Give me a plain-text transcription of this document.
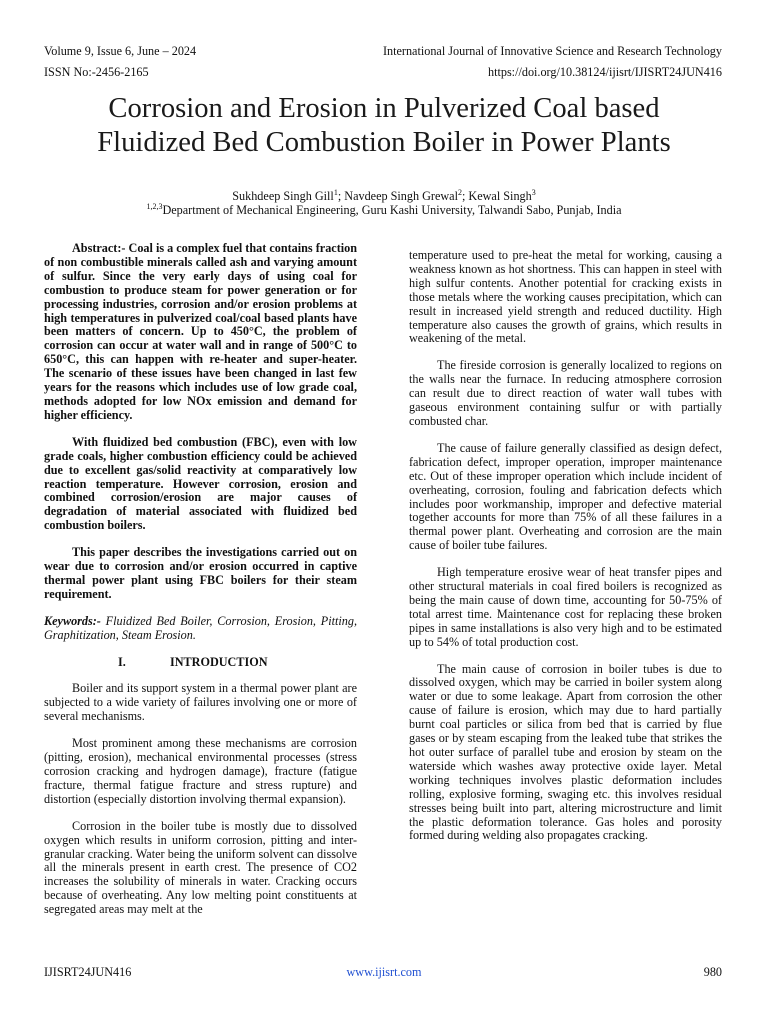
Volume 9, Issue 6, June – 2024	International Journal of Innovative Science and Research Technology
ISSN No:-2456-2165	https://doi.org/10.38124/ijisrt/IJISRT24JUN416
Corrosion and Erosion in Pulverized Coal based
Fluidized Bed Combustion Boiler in Power Plants
Sukhdeep Singh Gill$^1$; Navdeep Singh Grewal$^2$; Kewal Singh$^3$
$^{1,2,3}$Department of Mechanical Engineering, Guru Kashi University, Talwandi Sabo, Punjab, India

Abstract:- Coal is a complex fuel that contains fraction of non combustible minerals called ash and varying amount of sulfur. Since the very early days of using coal for combustion to produce steam for power generation or for processing industries, corrosion and/or erosion problems at high temperatures in pulverized coal/coal based plants have been matters of concern. Up to 450°C, the problem of corrosion can occur at water wall and in range of 500°C to 650°C, this can happen with re-heater and super-heater. The scenario of these issues have been changed in last few years for the reasons which includes use of low grade coal, methods adopted for low NOx emission and demand for higher efficiency.

With fluidized bed combustion (FBC), even with low grade coals, higher combustion efficiency could be achieved due to excellent gas/solid reactivity at comparatively low reaction temperature. However corrosion, erosion and combined corrosion/erosion are major causes of degradation of material associated with fluidized bed combustion boilers.

This paper describes the investigations carried out on wear due to corrosion and/or erosion occurred in captive thermal power plant using FBC boilers for their steam requirement.

Keywords:- Fluidized Bed Boiler, Corrosion, Erosion, Pitting, Graphitization, Steam Erosion.

I.	INTRODUCTION

Boiler and its support system in a thermal power plant are subjected to a wide variety of failures involving one or more of several mechanisms.

Most prominent among these mechanisms are corrosion (pitting, erosion), mechanical environmental processes (stress corrosion cracking and hydrogen damage), fracture (fatigue fracture, thermal fatigue fracture and stress rupture) and distortion (especially distortion involving thermal expansion).

Corrosion in the boiler tube is mostly due to dissolved oxygen which results in uniform corrosion, pitting and inter-granular cracking. Water being the uniform solvent can dissolve all the minerals present in earth crest. The presence of CO2 increases the solubility of minerals in water. Cracking occurs because of overheating. Any low melting point constituents at segregated areas may melt at the

temperature used to pre-heat the metal for working, causing a weakness known as hot shortness. This can happen in steel with high sulfur contents. Another potential for cracking exists in those metals where the working causes precipitation, which can result in increased yield strength and reduced ductility. High temperature also causes the growth of grains, which results in weakening of the metal.

The fireside corrosion is generally localized to regions on the walls near the furnace. In reducing atmosphere corrosion can result due to direct reaction of water wall tubes with gaseous environment containing sulfur or with partially combusted char.

The cause of failure generally classified as design defect, fabrication defect, improper operation, improper maintenance etc. Out of these improper operation which include incident of overheating, corrosion, fouling and fabrication defects which includes poor workmanship, improper and defective material together accounts for more than 75% of all these failures in a thermal power plant. Overheating and corrosion are the main cause of boiler tube failures.

High temperature erosive wear of heat transfer pipes and other structural materials in coal fired boilers is recognized as being the main cause of down time, accounting for 50-75% of total arrest time. Maintenance cost for replacing these broken pipes in same installations is also very high and to be estimated up to 54% of total production cost.

The main cause of corrosion in boiler tubes is due to dissolved oxygen, which may be carried in boiler system along water or due to some leakage. Apart from corrosion the other cause of failure is erosion, which may due to hard partially burnt coal particles or silica from bed that is carried by flue gases or by steam escaping from the leaked tube that strikes the hot outer surface of parallel tube and erosion by steam on the waterside which washes away protective oxide layer. Metal working techniques involves plastic deformation includes rolling, explosive forming, swaging etc. this involves residual stresses being built into part, altering microstructure and limit the plastic deformation tolerance. Gas holes and porosity formed during welding also propagates cracking.

IJISRT24JUN416	www.ijisrt.com	980
